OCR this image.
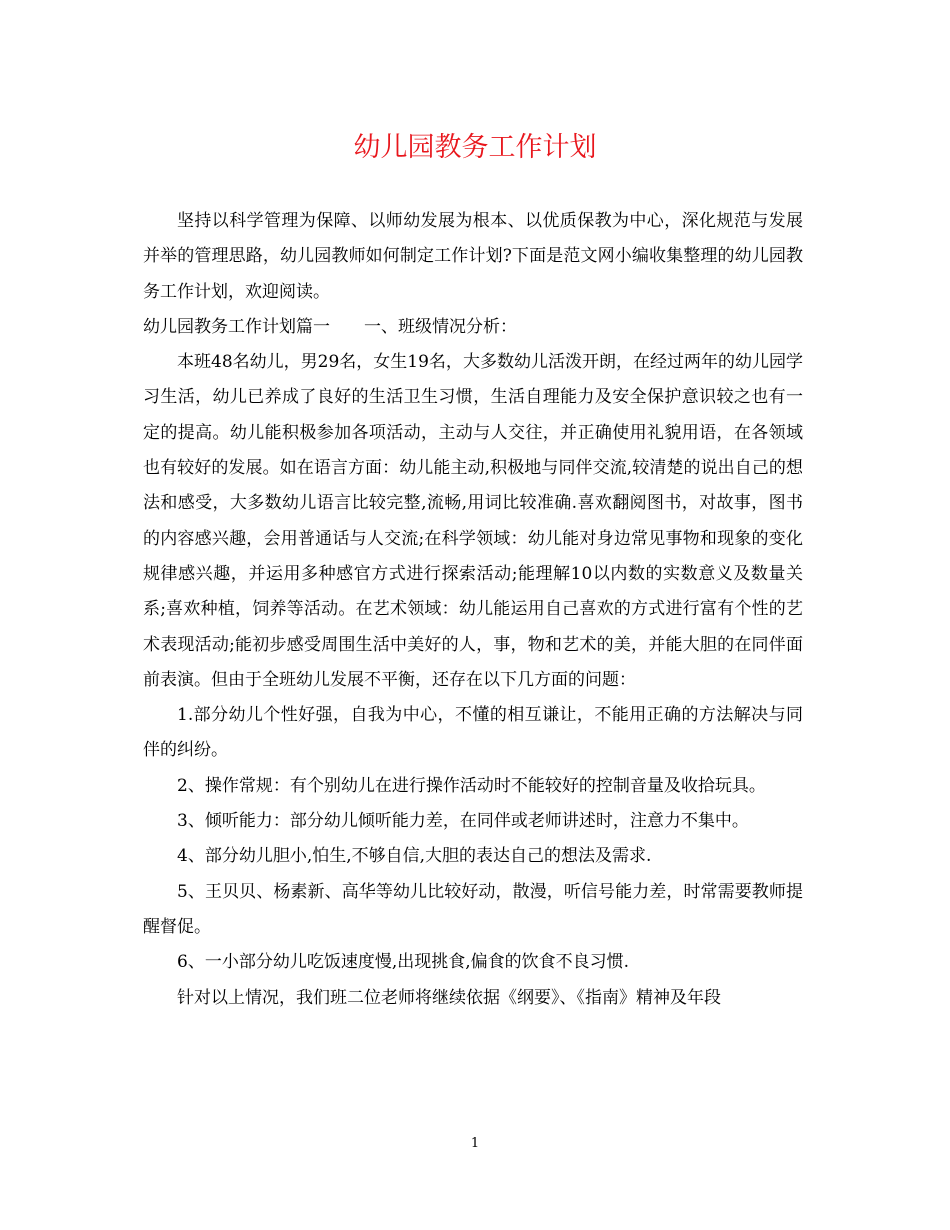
幼儿园教务工作计划

坚持以科学管理为保障、以师幼发展为根本、以优质保教为中心，深化规范与发展并举的管理思路，幼儿园教师如何制定工作计划?下面是范文网小编收集整理的幼儿园教务工作计划，欢迎阅读。

幼儿园教务工作计划篇一　　一、班级情况分析：

本班48名幼儿，男29名，女生19名，大多数幼儿活泼开朗，在经过两年的幼儿园学习生活，幼儿已养成了良好的生活卫生习惯，生活自理能力及安全保护意识较之也有一定的提高。幼儿能积极参加各项活动，主动与人交往，并正确使用礼貌用语，在各领域也有较好的发展。如在语言方面：幼儿能主动,积极地与同伴交流,较清楚的说出自己的想法和感受，大多数幼儿语言比较完整,流畅,用词比较准确.喜欢翻阅图书，对故事，图书的内容感兴趣，会用普通话与人交流;在科学领域：幼儿能对身边常见事物和现象的变化规律感兴趣，并运用多种感官方式进行探索活动;能理解10以内数的实数意义及数量关系;喜欢种植，饲养等活动。在艺术领域：幼儿能运用自己喜欢的方式进行富有个性的艺术表现活动;能初步感受周围生活中美好的人，事，物和艺术的美，并能大胆的在同伴面前表演。但由于全班幼儿发展不平衡，还存在以下几方面的问题：

1.部分幼儿个性好强，自我为中心，不懂的相互谦让，不能用正确的方法解决与同伴的纠纷。

2、操作常规：有个别幼儿在进行操作活动时不能较好的控制音量及收拾玩具。

3、倾听能力：部分幼儿倾听能力差，在同伴或老师讲述时，注意力不集中。

4、部分幼儿胆小,怕生,不够自信,大胆的表达自己的想法及需求.

5、王贝贝、杨素新、高华等幼儿比较好动，散漫，听信号能力差，时常需要教师提醒督促。

6、一小部分幼儿吃饭速度慢,出现挑食,偏食的饮食不良习惯.

针对以上情况，我们班二位老师将继续依据《纲要》、《指南》精神及年段

1
